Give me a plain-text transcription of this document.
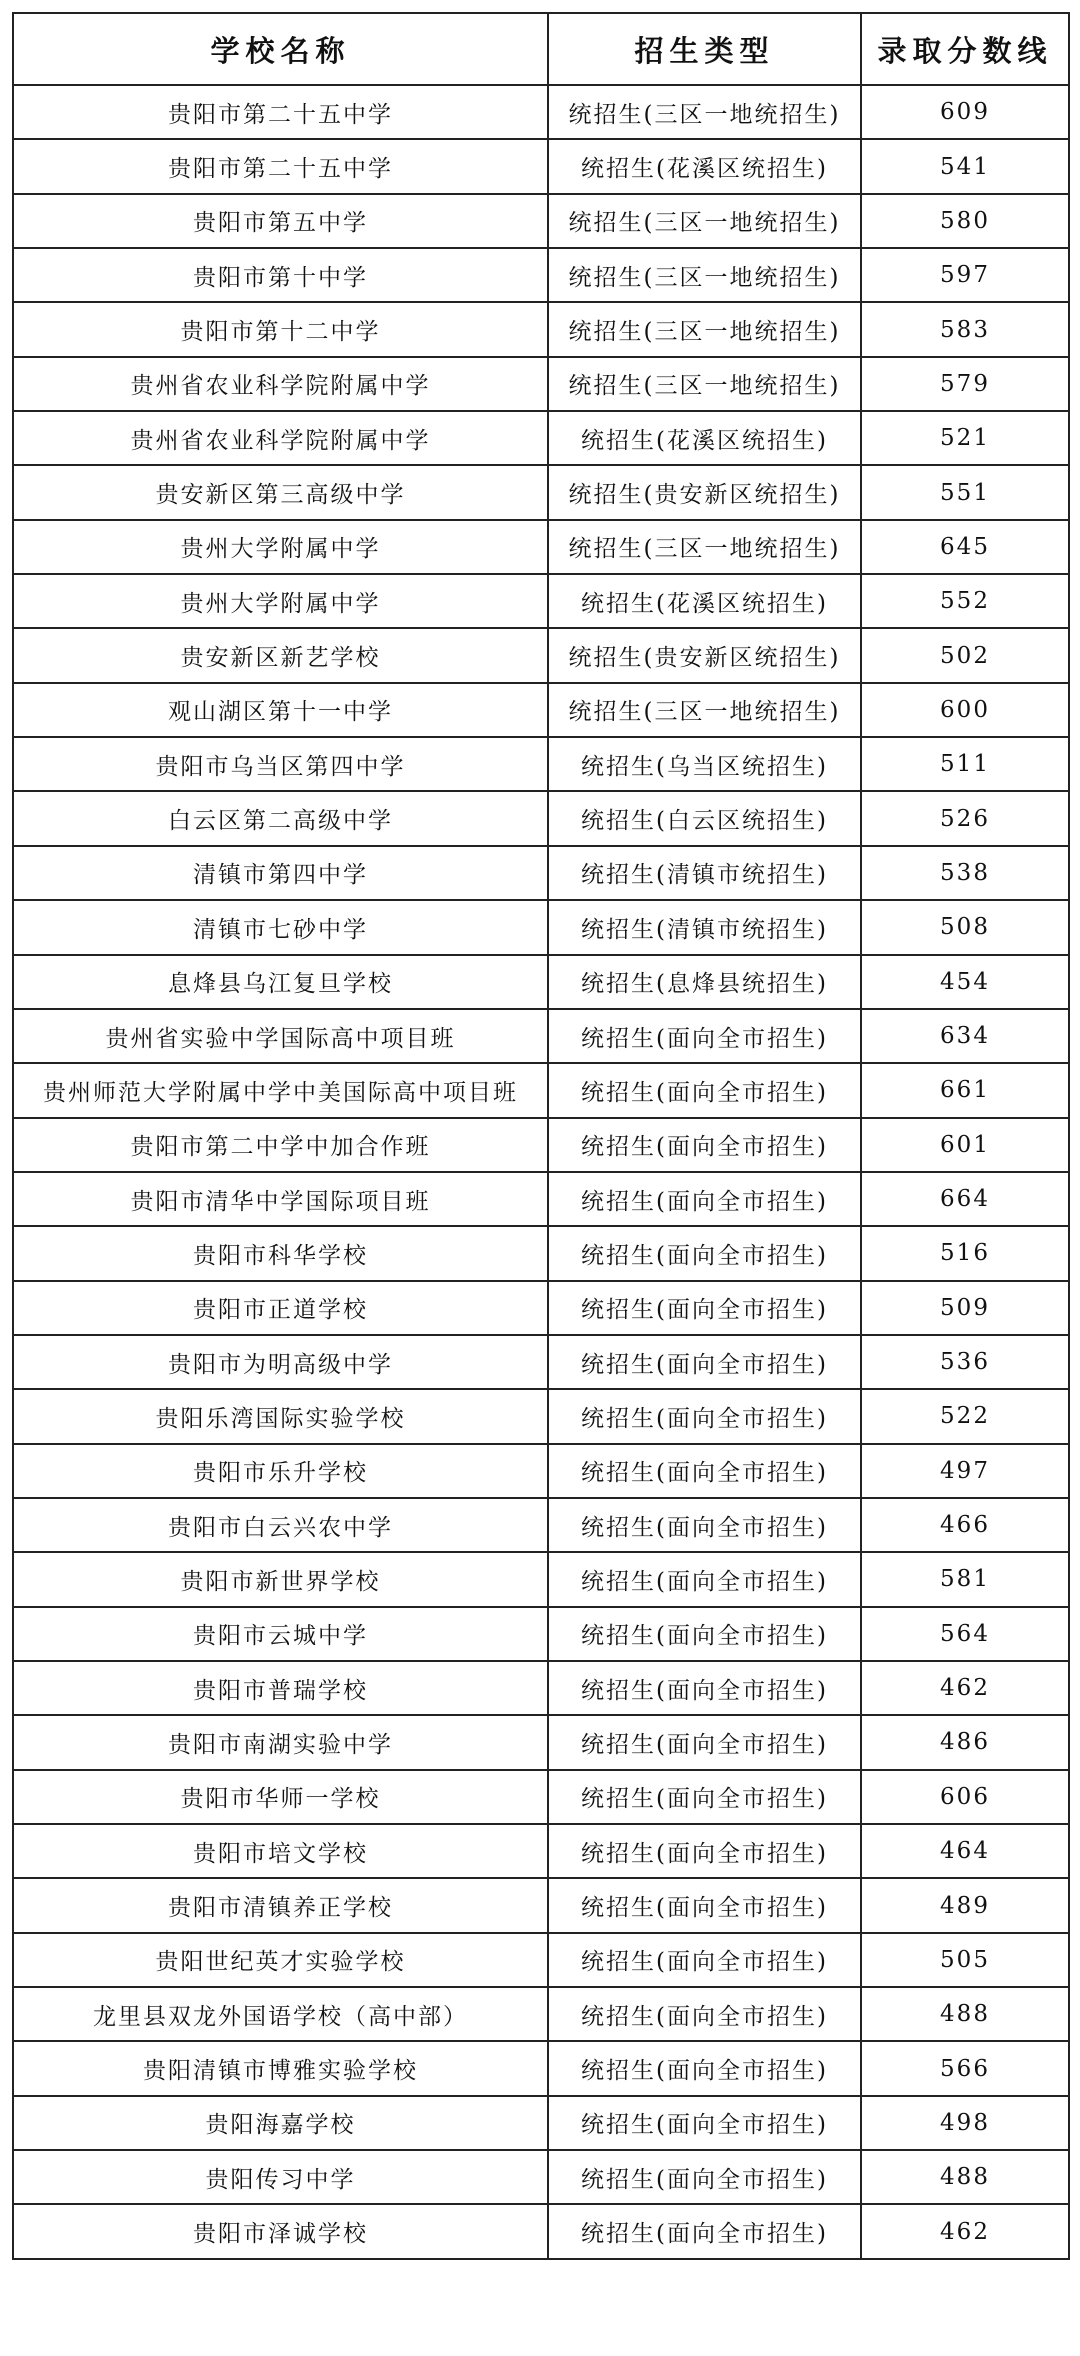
学校名称	招生类型	录取分数线
贵阳市第二十五中学	统招生(三区一地统招生)	609
贵阳市第二十五中学	统招生(花溪区统招生)	541
贵阳市第五中学	统招生(三区一地统招生)	580
贵阳市第十中学	统招生(三区一地统招生)	597
贵阳市第十二中学	统招生(三区一地统招生)	583
贵州省农业科学院附属中学	统招生(三区一地统招生)	579
贵州省农业科学院附属中学	统招生(花溪区统招生)	521
贵安新区第三高级中学	统招生(贵安新区统招生)	551
贵州大学附属中学	统招生(三区一地统招生)	645
贵州大学附属中学	统招生(花溪区统招生)	552
贵安新区新艺学校	统招生(贵安新区统招生)	502
观山湖区第十一中学	统招生(三区一地统招生)	600
贵阳市乌当区第四中学	统招生(乌当区统招生)	511
白云区第二高级中学	统招生(白云区统招生)	526
清镇市第四中学	统招生(清镇市统招生)	538
清镇市七砂中学	统招生(清镇市统招生)	508
息烽县乌江复旦学校	统招生(息烽县统招生)	454
贵州省实验中学国际高中项目班	统招生(面向全市招生)	634
贵州师范大学附属中学中美国际高中项目班	统招生(面向全市招生)	661
贵阳市第二中学中加合作班	统招生(面向全市招生)	601
贵阳市清华中学国际项目班	统招生(面向全市招生)	664
贵阳市科华学校	统招生(面向全市招生)	516
贵阳市正道学校	统招生(面向全市招生)	509
贵阳市为明高级中学	统招生(面向全市招生)	536
贵阳乐湾国际实验学校	统招生(面向全市招生)	522
贵阳市乐升学校	统招生(面向全市招生)	497
贵阳市白云兴农中学	统招生(面向全市招生)	466
贵阳市新世界学校	统招生(面向全市招生)	581
贵阳市云城中学	统招生(面向全市招生)	564
贵阳市普瑞学校	统招生(面向全市招生)	462
贵阳市南湖实验中学	统招生(面向全市招生)	486
贵阳市华师一学校	统招生(面向全市招生)	606
贵阳市培文学校	统招生(面向全市招生)	464
贵阳市清镇养正学校	统招生(面向全市招生)	489
贵阳世纪英才实验学校	统招生(面向全市招生)	505
龙里县双龙外国语学校（高中部）	统招生(面向全市招生)	488
贵阳清镇市博雅实验学校	统招生(面向全市招生)	566
贵阳海嘉学校	统招生(面向全市招生)	498
贵阳传习中学	统招生(面向全市招生)	488
贵阳市泽诚学校	统招生(面向全市招生)	462
